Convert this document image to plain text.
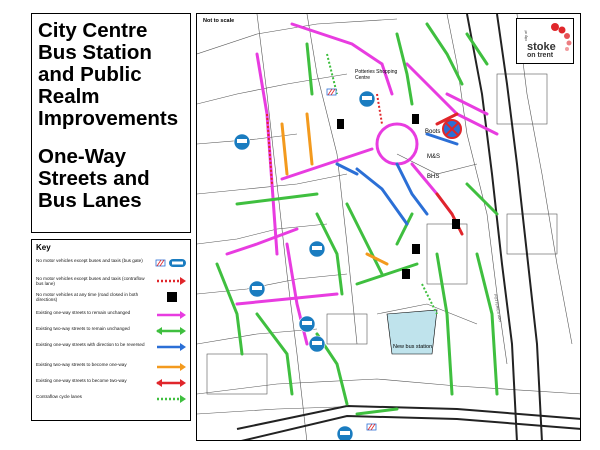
City Centre Bus Station and Public Realm Improvements
One-Way Streets and Bus Lanes
Key
No motor vehicles except buses and taxis (bus gate)
No motor vehicles except buses and taxis (contraflow bus lane)
No motor vehicles at any time (road closed in both directions)
Existing one-way streets to remain unchanged
Existing two-way streets to remain unchanged
Existing one-way streets with direction to be reversed
Existing two-way streets to become one-way
Existing one-way streets to become two-way
Contraflow cycle lanes
Not to scale
city of
stoke
on trent
Potteries Shopping Centre
Boots
M&S
BHS
New bus station
POTTERIES WAY
